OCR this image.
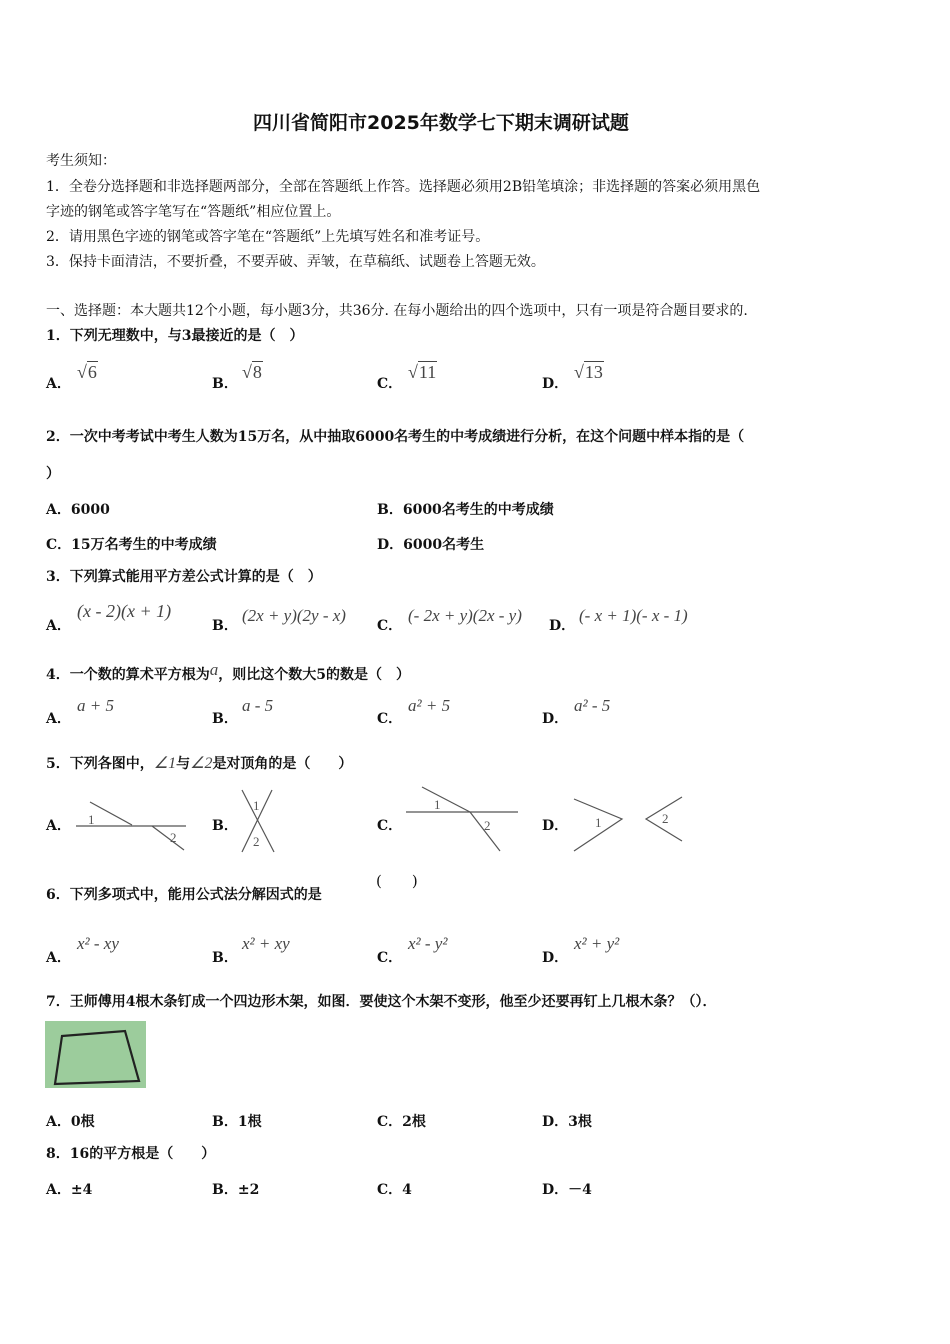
四川省简阳市2025年数学七下期末调研试题
考生须知：
1．全卷分选择题和非选择题两部分，全部在答题纸上作答。选择题必须用2B铅笔填涂；非选择题的答案必须用黑色
字迹的钢笔或答字笔写在“答题纸”相应位置上。
2．请用黑色字迹的钢笔或答字笔在“答题纸”上先填写姓名和准考证号。
3．保持卡面清洁，不要折叠，不要弄破、弄皱，在草稿纸、试题卷上答题无效。
一、选择题：本大题共12个小题，每小题3分，共36分. 在每小题给出的四个选项中，只有一项是符合题目要求的.
1．下列无理数中，与3最接近的是（　）
A．
√6
B．
√8
C．
√11
D．
√13
2．一次中考考试中考生人数为15万名，从中抽取6000名考生的中考成绩进行分析，在这个问题中样本指的是（
）
A．6000	B．6000名考生的中考成绩
C．15万名考生的中考成绩	D．6000名考生
3．下列算式能用平方差公式计算的是（　）
A．
(x - 2)(x + 1)
B．
(2x + y)(2y - x)
C．
(- 2x + y)(2x - y)
D．
(- x + 1)(- x - 1)
4．一个数的算术平方根为a，则比这个数大5的数是（　）
A．
a + 5
B．
a - 5
C．
a² + 5
D．
a² - 5
5．下列各图中，∠1与∠2是对顶角的是（　　）
A． 1
2
B．
1
2
C．
1
2	D． 1	2
6．下列多项式中，能用公式法分解因式的是
(　　)
A．
x² - xy
B．
x² + xy
C．
x² - y²
D．
x² + y²
7．王师傅用4根木条钉成一个四边形木架，如图．要使这个木架不变形，他至少还要再钉上几根木条？（）．
A．0根	B．1根	C．2根	D．3根
8．16的平方根是（　　）
A．±4	B．±2	C．4	D．－4
